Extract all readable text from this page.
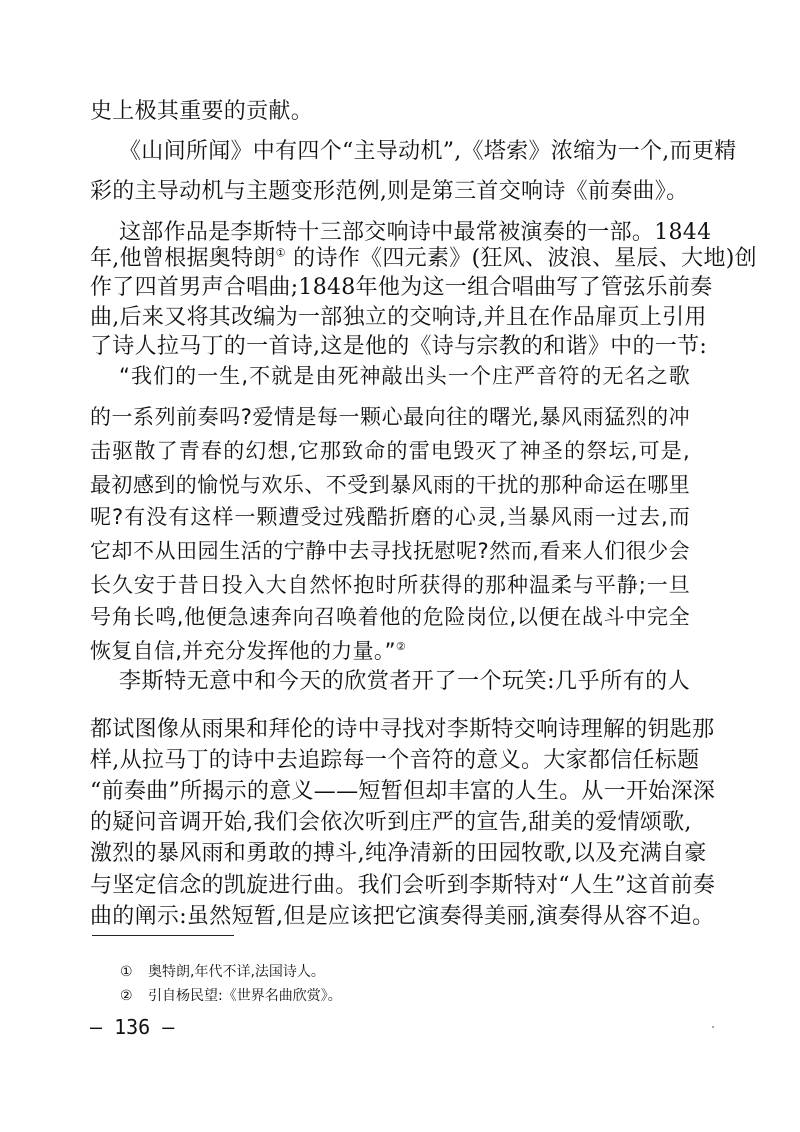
史上极其重要的贡献。
《山间所闻》中有四个“主导动机”,《塔索》浓缩为一个,而更精
彩的主导动机与主题变形范例,则是第三首交响诗《前奏曲》。
这部作品是李斯特十三部交响诗中最常被演奏的一部。1844
年,他曾根据奥特朗① 的诗作《四元素》(狂风、波浪、星辰、大地)创
作了四首男声合唱曲;1848年他为这一组合唱曲写了管弦乐前奏
曲,后来又将其改编为一部独立的交响诗,并且在作品扉页上引用
了诗人拉马丁的一首诗,这是他的《诗与宗教的和谐》中的一节:
“我们的一生,不就是由死神敲出头一个庄严音符的无名之歌
的一系列前奏吗?爱情是每一颗心最向往的曙光,暴风雨猛烈的冲
击驱散了青春的幻想,它那致命的雷电毁灭了神圣的祭坛,可是,
最初感到的愉悦与欢乐、不受到暴风雨的干扰的那种命运在哪里
呢?有没有这样一颗遭受过残酷折磨的心灵,当暴风雨一过去,而
它却不从田园生活的宁静中去寻找抚慰呢?然而,看来人们很少会
长久安于昔日投入大自然怀抱时所获得的那种温柔与平静;一旦
号角长鸣,他便急速奔向召唤着他的危险岗位,以便在战斗中完全
恢复自信,并充分发挥他的力量。”②
李斯特无意中和今天的欣赏者开了一个玩笑:几乎所有的人
都试图像从雨果和拜伦的诗中寻找对李斯特交响诗理解的钥匙那
样,从拉马丁的诗中去追踪每一个音符的意义。大家都信任标题
“前奏曲”所揭示的意义——短暂但却丰富的人生。从一开始深深
的疑问音调开始,我们会依次听到庄严的宣告,甜美的爱情颂歌,
激烈的暴风雨和勇敢的搏斗,纯净清新的田园牧歌,以及充满自豪
与坚定信念的凯旋进行曲。我们会听到李斯特对“人生”这首前奏
曲的阐示:虽然短暂,但是应该把它演奏得美丽,演奏得从容不迫。
① 奥特朗,年代不详,法国诗人。
② 引自杨民望:《世界名曲欣赏》。
— 136 —
